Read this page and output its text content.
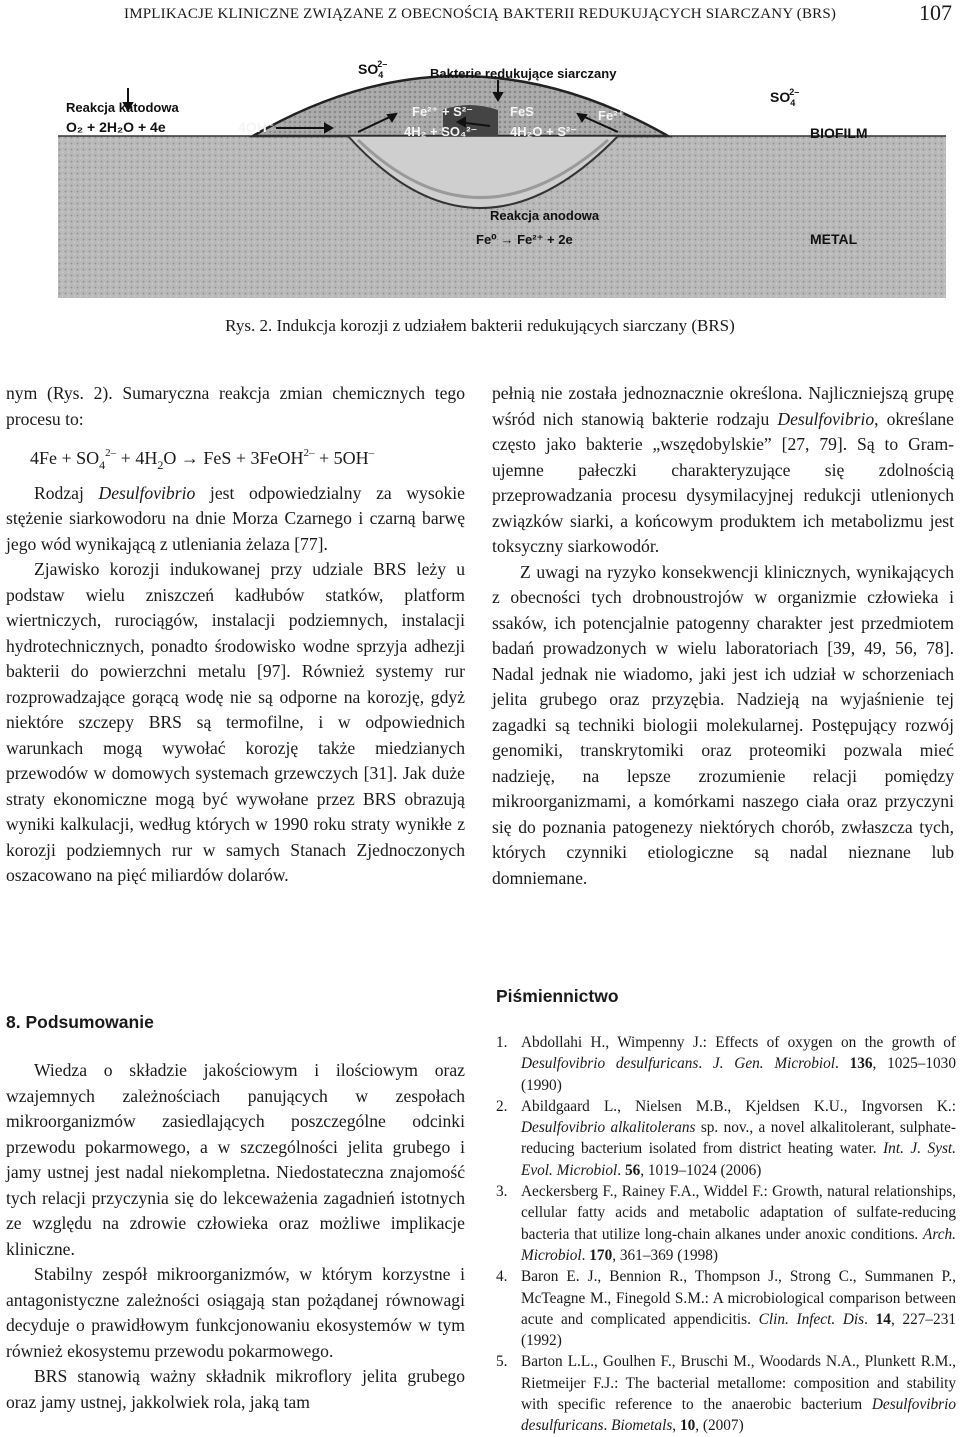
IMPLIKACJE KLINICZNE ZWIĄZANE Z OBECNOŚCIĄ BAKTERII REDUKUJĄCYCH SIARCZANY (BRS)	107
Bakterie redukujące siarczany
$SO_42-$
$SO_42-$
Reakcja katodowa
O₂ + 2H₂O + 4e	4OH⁻
Fe²⁺ + S²⁻
4H₂ + SO₄²⁻
FeS
4H₂O + S²⁻
Fe²⁺
BIOFILM
Reakcja anodowa
Fe⁰ → Fe²⁺ + 2e	METAL
Rys. 2. Indukcja korozji z udziałem bakterii redukujących siarczany (BRS)

nym (Rys. 2). Sumaryczna reakcja zmian chemicznych tego procesu to:

$4Fe + SO_4^{2-} + 4H_2O$ → FeS + 3FeOH$^{2-}$ + 5OH–

Rodzaj Desulfovibrio jest odpowiedzialny za wysokie stężenie siarkowodoru na dnie Morza Czarnego i czarną barwę jego wód wynikającą z utleniania żelaza [77].

Zjawisko korozji indukowanej przy udziale BRS leży u podstaw wielu zniszczeń kadłubów statków, platform wiertniczych, rurociągów, instalacji podziemnych, instalacji hydrotechnicznych, ponadto środowisko wodne sprzyja adhezji bakterii do powierzchni metalu [97]. Również systemy rur rozprowadzające gorącą wodę nie są odporne na korozję, gdyż niektóre szczepy BRS są termofilne, i w odpowiednich warunkach mogą wywołać korozję także miedzianych przewodów w domowych systemach grzewczych [31]. Jak duże straty ekonomiczne mogą być wywołane przez BRS obrazują wyniki kalkulacji, według których w 1990 roku straty wynikłe z korozji podziemnych rur w samych Stanach Zjednoczonych oszacowano na pięć miliardów dolarów.

8. Podsumowanie

Wiedza o składzie jakościowym i ilościowym oraz wzajemnych zależnościach panujących w zespołach mikroorganizmów zasiedlających poszczególne odcinki przewodu pokarmowego, a w szczególności jelita grubego i jamy ustnej jest nadal niekompletna. Niedostateczna znajomość tych relacji przyczynia się do lekceważenia zagadnień istotnych ze względu na zdrowie człowieka oraz możliwe implikacje kliniczne.

Stabilny zespół mikroorganizmów, w którym korzystne i antagonistyczne zależności osiągają stan pożądanej równowagi decyduje o prawidłowym funkcjonowaniu ekosystemów w tym również ekosystemu przewodu pokarmowego.

BRS stanowią ważny składnik mikroflory jelita grubego oraz jamy ustnej, jakkolwiek rola, jaką tam

pełnią nie została jednoznacznie określona. Najliczniejszą grupę wśród nich stanowią bakterie rodzaju Desulfovibrio, określane często jako bakterie „wszędobylskie” [27, 79]. Są to Gram-ujemne pałeczki charakteryzujące się zdolnością przeprowadzania procesu dysymilacyjnej redukcji utlenionych związków siarki, a końcowym produktem ich metabolizmu jest toksyczny siarkowodór.

Z uwagi na ryzyko konsekwencji klinicznych, wynikających z obecności tych drobnoustrojów w organizmie człowieka i ssaków, ich potencjalnie patogenny charakter jest przedmiotem badań prowadzonych w wielu laboratoriach [39, 49, 56, 78]. Nadal jednak nie wiadomo, jaki jest ich udział w schorzeniach jelita grubego oraz przyzębia. Nadzieją na wyjaśnienie tej zagadki są techniki biologii molekularnej. Postępujący rozwój genomiki, transkrytomiki oraz proteomiki pozwala mieć nadzieję, na lepsze zrozumienie relacji pomiędzy mikroorganizmami, a komórkami naszego ciała oraz przyczyni się do poznania patogenezy niektórych chorób, zwłaszcza tych, których czynniki etiologiczne są nadal nieznane lub domniemane.

Piśmiennictwo
1. Abdollahi H., Wimpenny J.: Effects of oxygen on the growth of Desulfovibrio desulfuricans. J. Gen. Microbiol. 136, 1025–1030 (1990)
2. Abildgaard L., Nielsen M.B., Kjeldsen K.U., Ingvorsen K.: Desulfovibrio alkalitolerans sp. nov., a novel alkalitolerant, sulphate-reducing bacterium isolated from district heating water. Int. J. Syst. Evol. Microbiol. 56, 1019–1024 (2006)
3. Aeckersberg F., Rainey F.A., Widdel F.: Growth, natural relationships, cellular fatty acids and metabolic adaptation of sulfate-reducing bacteria that utilize long-chain alkanes under anoxic conditions. Arch. Microbiol. 170, 361–369 (1998)
4. Baron E. J., Bennion R., Thompson J., Strong C., Summanen P., McTeagne M., Finegold S.M.: A microbiological comparison between acute and complicated appendicitis. Clin. Infect. Dis. 14, 227–231 (1992)
5. Barton L.L., Goulhen F., Bruschi M., Woodards N.A., Plunkett R.M., Rietmeijer F.J.: The bacterial metallome: composition and stability with specific reference to the anaerobic bacterium Desulfovibrio desulfuricans. Biometals, 10, (2007)
